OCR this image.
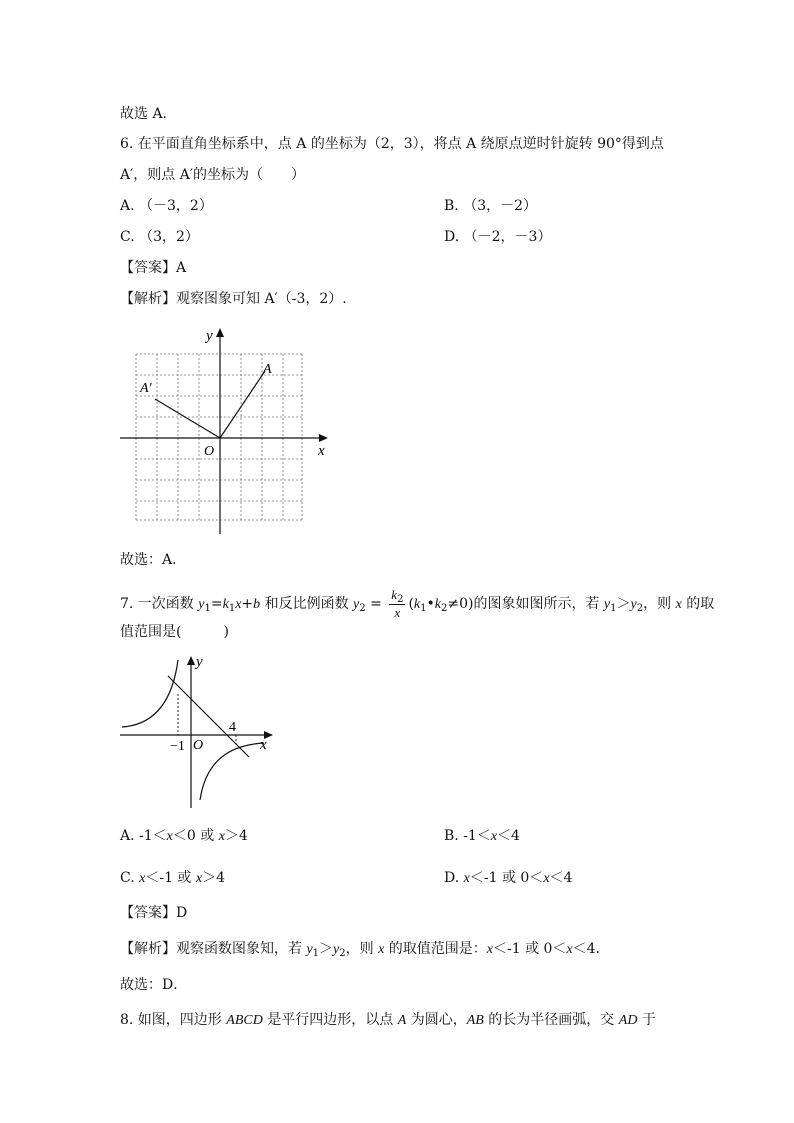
故选 A．
6. 在平面直角坐标系中，点 A 的坐标为（2，3），将点 A 绕原点逆时针旋转 90°得到点
A′，则点 A′的坐标为（　　）
A. （－3，2）	B. （3，－2）
C. （3，2）	D. （－2，－3）
【答案】A
【解析】观察图象可知 A′（-3，2）.
y
x
O
A
A′
故选：A．
7. 一次函数 $y_1=k_1x+b$ 和反比例函数 $y_2 = \frac{k_2}{x}$ $(k_1•k_2\ne 0)$的图象如图所示，若 $y_1>y_2$，则 x 的取
值范围是(　　　)
y
x
O
−1
4
A. -1＜x＜0 或 x＞4	B. -1＜x＜4
C. x＜-1 或 x＞4	D. x＜-1 或 0＜x＜4
【答案】D
【解析】观察函数图象知，若 $y_1>y_2$，则 x 的取值范围是：x＜-1 或 0＜x＜4．
故选：D．
8. 如图，四边形 ABCD 是平行四边形，以点 A 为圆心，AB 的长为半径画弧，交 AD 于
